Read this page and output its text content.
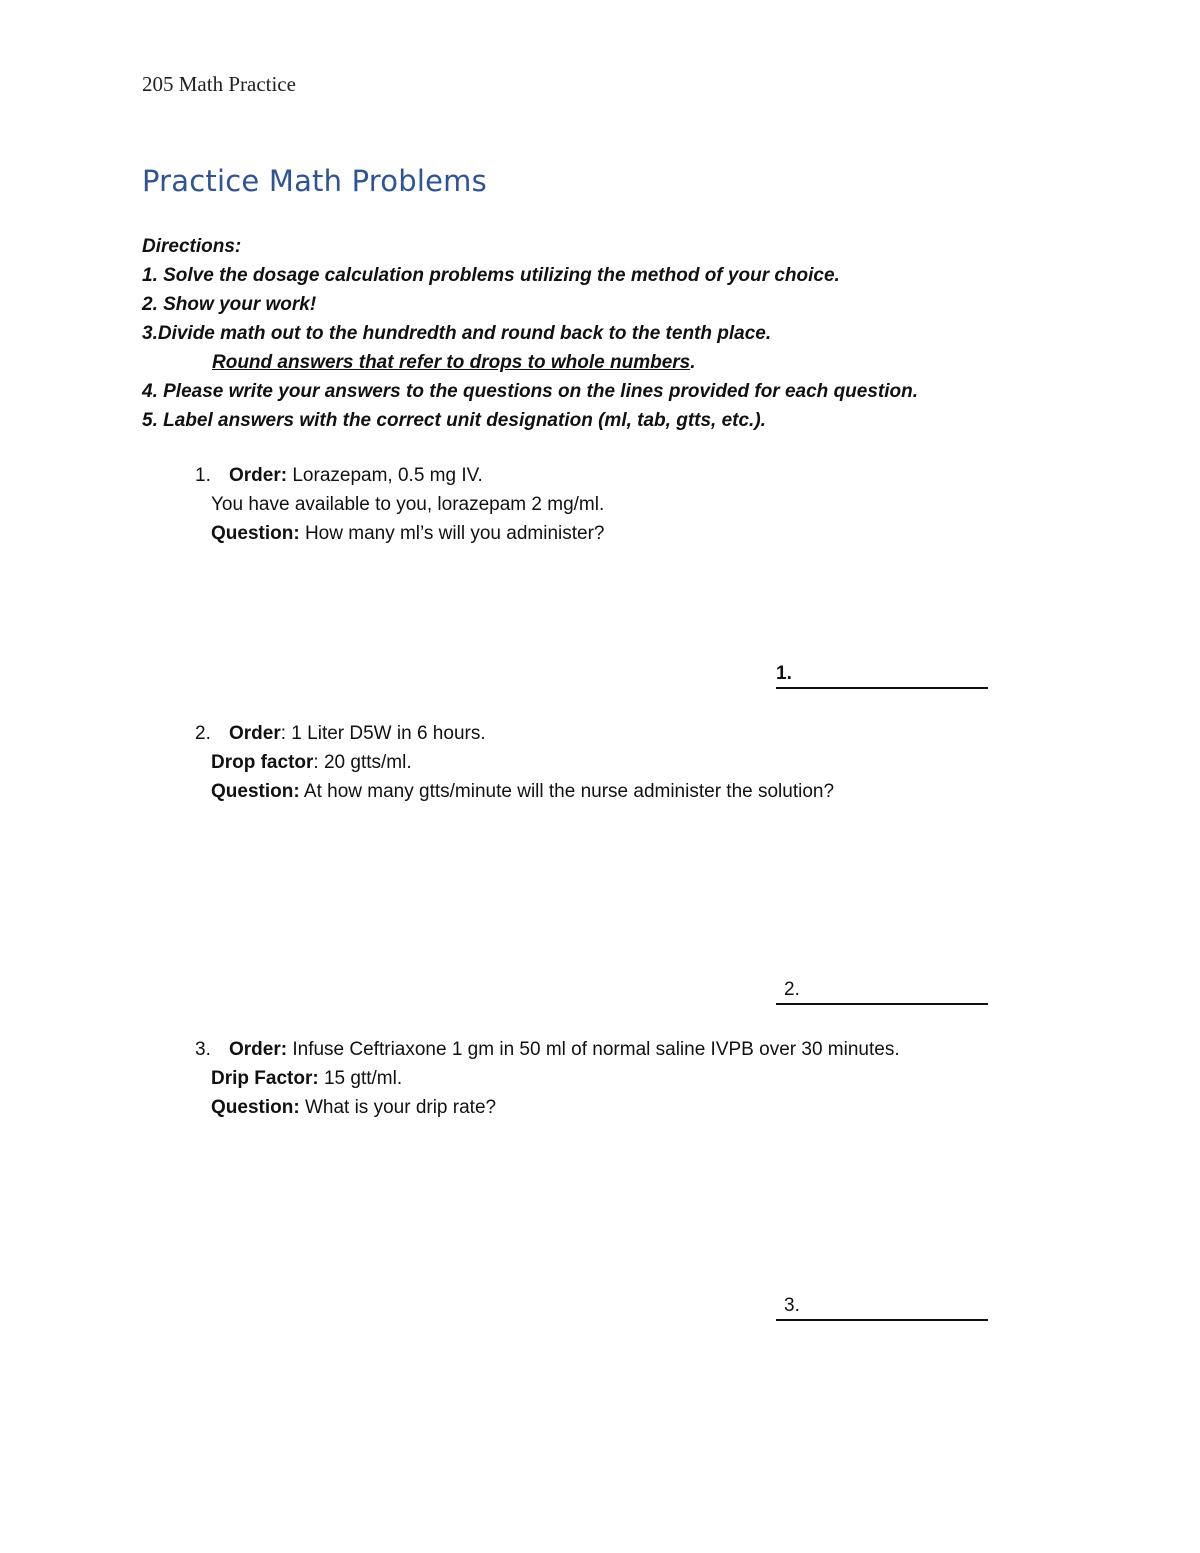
205 Math Practice
Practice Math Problems
Directions:
1. Solve the dosage calculation problems utilizing the method of your choice.
2. Show your work!
3.Divide math out to the hundredth and round back to the tenth place.
Round answers that refer to drops to whole numbers.
4. Please write your answers to the questions on the lines provided for each question.
5. Label answers with the correct unit designation (ml, tab, gtts, etc.).
1. Order: Lorazepam, 0.5 mg IV.
You have available to you, lorazepam 2 mg/ml.
Question: How many ml’s will you administer?
1.
2. Order: 1 Liter D5W in 6 hours.
Drop factor: 20 gtts/ml.
Question: At how many gtts/minute will the nurse administer the solution?
2.
3. Order: Infuse Ceftriaxone 1 gm in 50 ml of normal saline IVPB over 30 minutes.
Drip Factor: 15 gtt/ml.
Question: What is your drip rate?
3.
